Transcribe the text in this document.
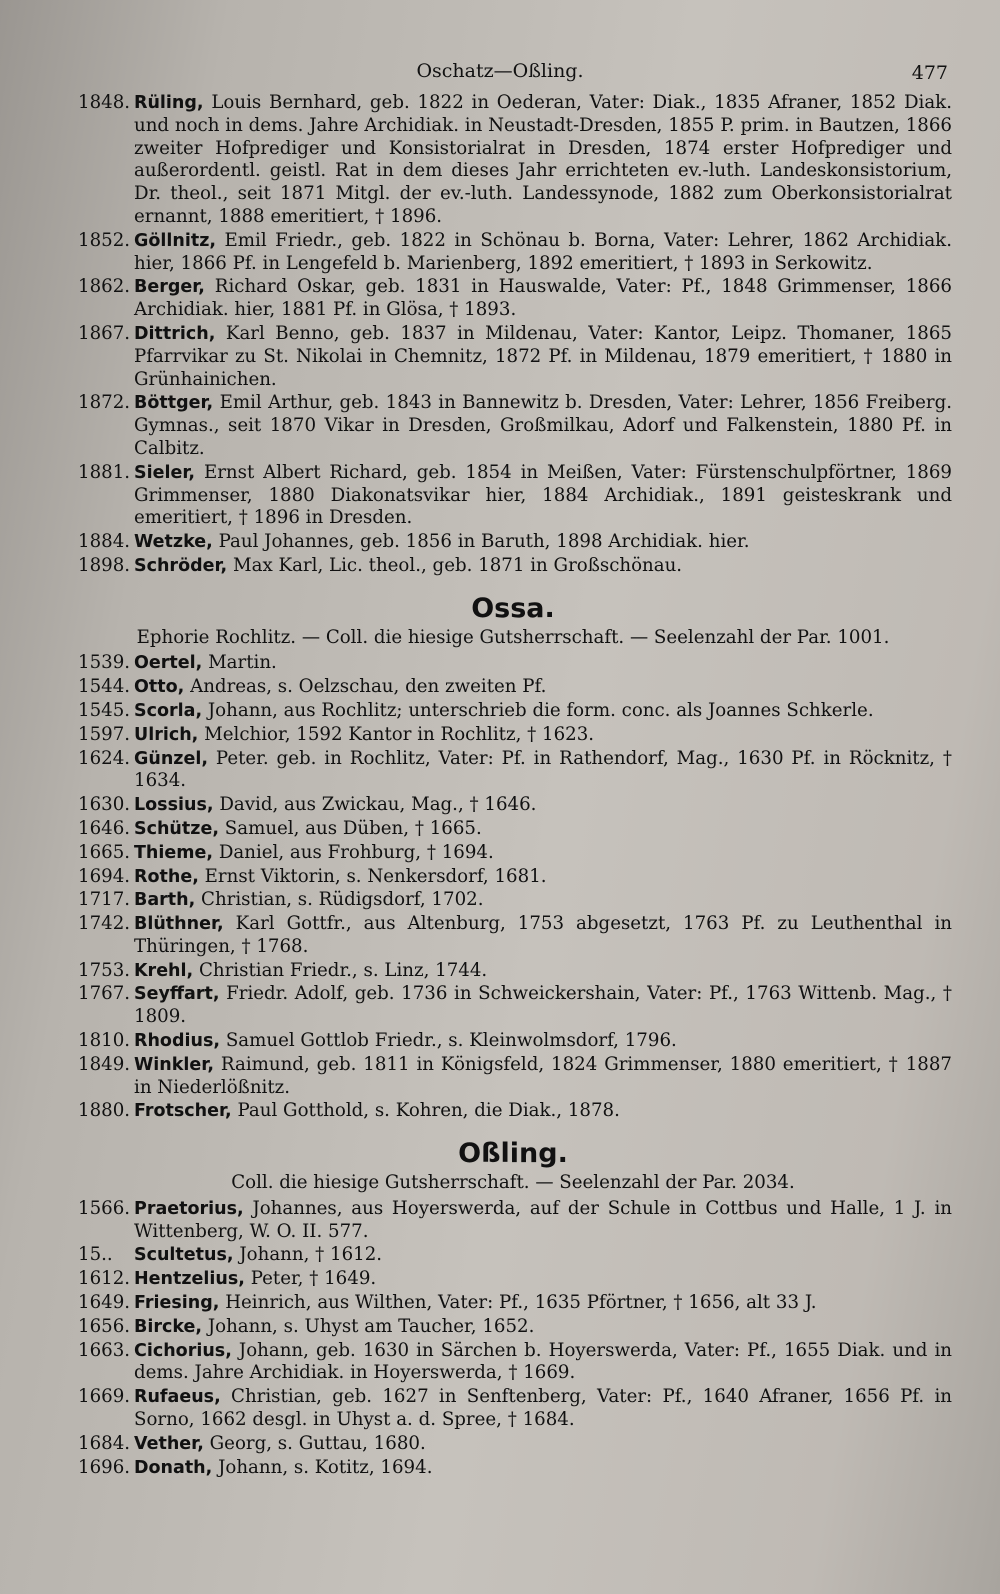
Oschatz—Oßling.	477

1848. Rüling, Louis Bernhard, geb. 1822 in Oederan, Vater: Diak., 1835 Afraner, 1852 Diak. und noch in dems. Jahre Archidiak. in Neustadt-Dresden, 1855 P. prim. in Bautzen, 1866 zweiter Hofprediger und Konsistorialrat in Dresden, 1874 erster Hofprediger und außerordentl. geistl. Rat in dem dieses Jahr errichteten ev.-luth. Landeskonsistorium, Dr. theol., seit 1871 Mitgl. der ev.-luth. Landessynode, 1882 zum Oberkonsistorialrat ernannt, 1888 emeritiert, † 1896.

1852. Göllnitz, Emil Friedr., geb. 1822 in Schönau b. Borna, Vater: Lehrer, 1862 Archidiak. hier, 1866 Pf. in Lengefeld b. Marienberg, 1892 emeritiert, † 1893 in Serkowitz.

1862. Berger, Richard Oskar, geb. 1831 in Hauswalde, Vater: Pf., 1848 Grimmenser, 1866 Archidiak. hier, 1881 Pf. in Glösa, † 1893.

1867. Dittrich, Karl Benno, geb. 1837 in Mildenau, Vater: Kantor, Leipz. Thomaner, 1865 Pfarrvikar zu St. Nikolai in Chemnitz, 1872 Pf. in Mildenau, 1879 emeritiert, † 1880 in Grünhainichen.

1872. Böttger, Emil Arthur, geb. 1843 in Bannewitz b. Dresden, Vater: Lehrer, 1856 Freiberg. Gymnas., seit 1870 Vikar in Dresden, Großmilkau, Adorf und Falkenstein, 1880 Pf. in Calbitz.

1881. Sieler, Ernst Albert Richard, geb. 1854 in Meißen, Vater: Fürstenschulpförtner, 1869 Grimmenser, 1880 Diakonatsvikar hier, 1884 Archidiak., 1891 geisteskrank und emeritiert, † 1896 in Dresden.

1884. Wetzke, Paul Johannes, geb. 1856 in Baruth, 1898 Archidiak. hier.

1898. Schröder, Max Karl, Lic. theol., geb. 1871 in Großschönau.

Ossa.
Ephorie Rochlitz. — Coll. die hiesige Gutsherrschaft. — Seelenzahl der Par. 1001.

1539. Oertel, Martin.

1544. Otto, Andreas, s. Oelzschau, den zweiten Pf.

1545. Scorla, Johann, aus Rochlitz; unterschrieb die form. conc. als Joannes Schkerle.

1597. Ulrich, Melchior, 1592 Kantor in Rochlitz, † 1623.

1624. Günzel, Peter. geb. in Rochlitz, Vater: Pf. in Rathendorf, Mag., 1630 Pf. in Röcknitz, † 1634.

1630. Lossius, David, aus Zwickau, Mag., † 1646.

1646. Schütze, Samuel, aus Düben, † 1665.

1665. Thieme, Daniel, aus Frohburg, † 1694.

1694. Rothe, Ernst Viktorin, s. Nenkersdorf, 1681.

1717. Barth, Christian, s. Rüdigsdorf, 1702.

1742. Blüthner, Karl Gottfr., aus Altenburg, 1753 abgesetzt, 1763 Pf. zu Leuthenthal in Thüringen, † 1768.

1753. Krehl, Christian Friedr., s. Linz, 1744.

1767. Seyffart, Friedr. Adolf, geb. 1736 in Schweickershain, Vater: Pf., 1763 Wittenb. Mag., † 1809.

1810. Rhodius, Samuel Gottlob Friedr., s. Kleinwolmsdorf, 1796.

1849. Winkler, Raimund, geb. 1811 in Königsfeld, 1824 Grimmenser, 1880 emeritiert, † 1887 in Niederlößnitz.

1880. Frotscher, Paul Gotthold, s. Kohren, die Diak., 1878.

Oßling.
Coll. die hiesige Gutsherrschaft. — Seelenzahl der Par. 2034.

1566. Praetorius, Johannes, aus Hoyerswerda, auf der Schule in Cottbus und Halle, 1 J. in Wittenberg, W. O. II. 577.

15.. Scultetus, Johann, † 1612.

1612. Hentzelius, Peter, † 1649.

1649. Friesing, Heinrich, aus Wilthen, Vater: Pf., 1635 Pförtner, † 1656, alt 33 J.

1656. Bircke, Johann, s. Uhyst am Taucher, 1652.

1663. Cichorius, Johann, geb. 1630 in Särchen b. Hoyerswerda, Vater: Pf., 1655 Diak. und in dems. Jahre Archidiak. in Hoyerswerda, † 1669.

1669. Rufaeus, Christian, geb. 1627 in Senftenberg, Vater: Pf., 1640 Afraner, 1656 Pf. in Sorno, 1662 desgl. in Uhyst a. d. Spree, † 1684.

1684. Vether, Georg, s. Guttau, 1680.

1696. Donath, Johann, s. Kotitz, 1694.
